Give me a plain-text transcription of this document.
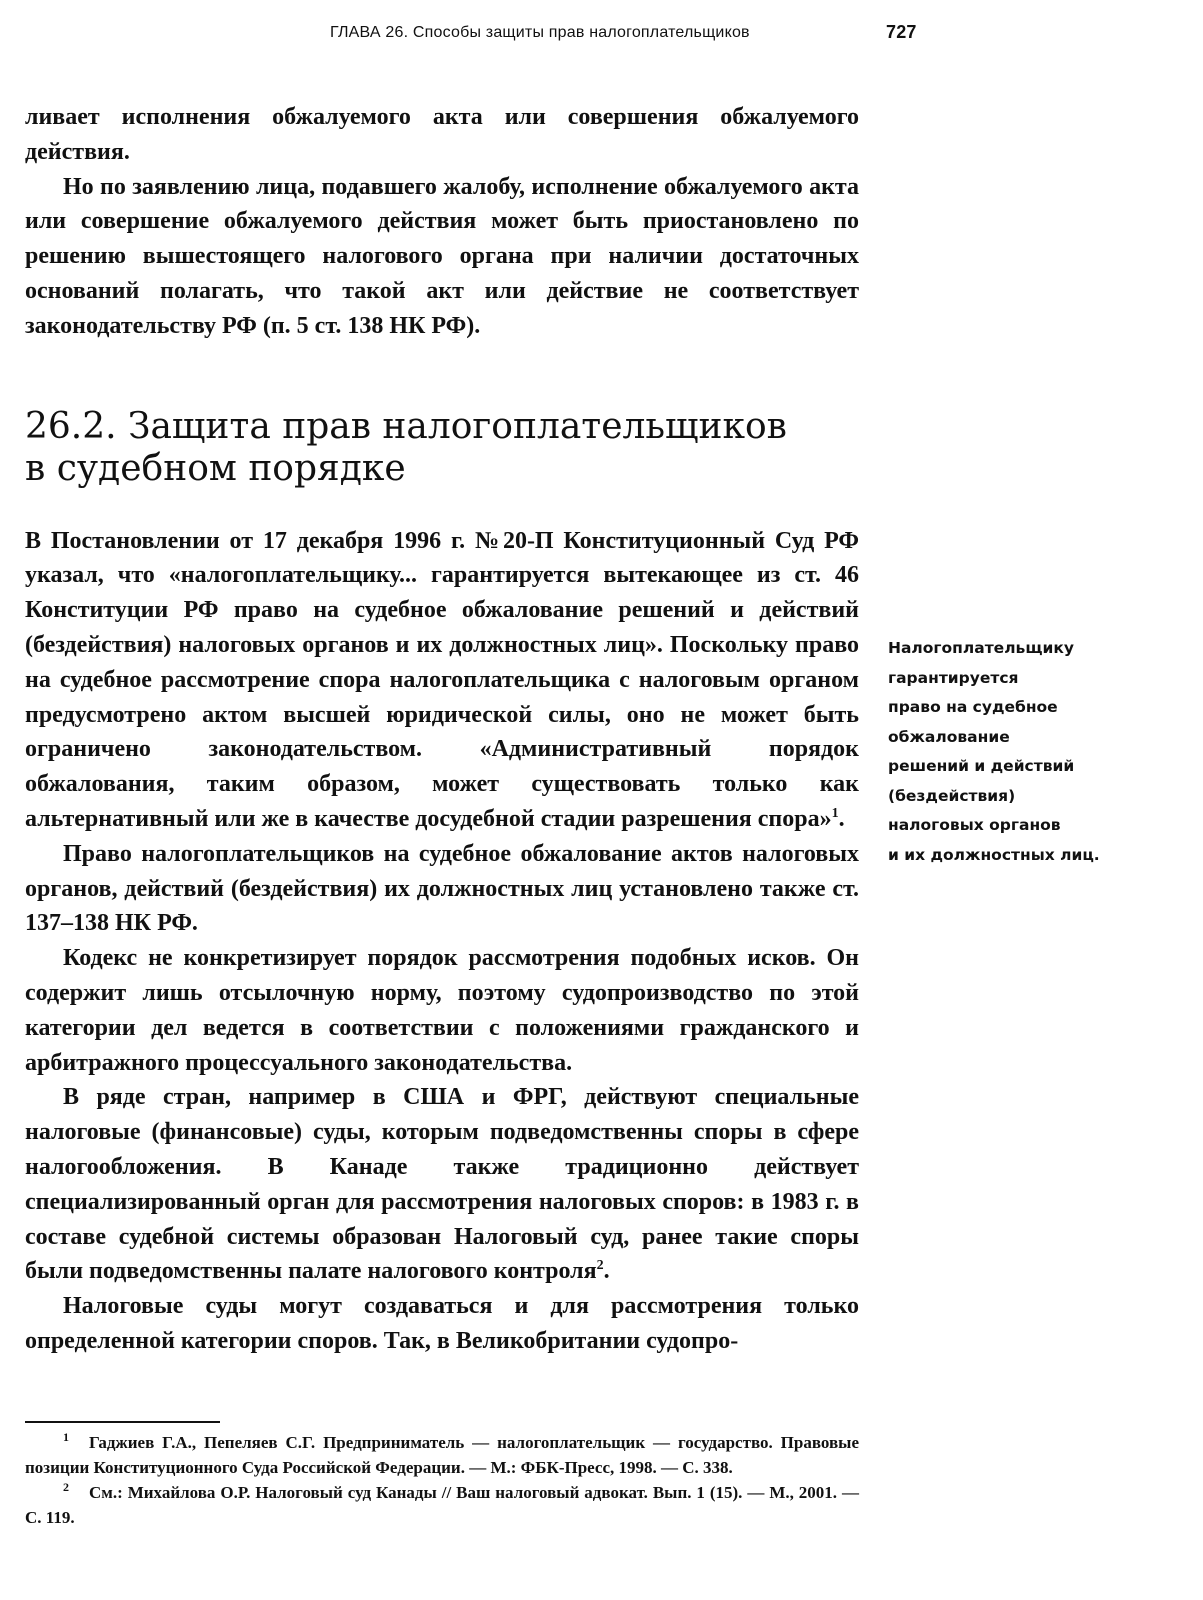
ГЛАВА 26. Способы защиты прав налогоплательщиков	727

ливает исполнения обжалуемого акта или совершения обжалуемого действия.

Но по заявлению лица, подавшего жалобу, исполнение обжалуемого акта или совершение обжалуемого действия может быть приостановлено по решению вышестоящего налогового органа при наличии достаточных оснований полагать, что такой акт или действие не соответствует законодательству РФ (п. 5 ст. 138 НК РФ).

26.2. Защита прав налогоплательщиков в судебном порядке

В Постановлении от 17 декабря 1996 г. №20-П Конституционный Суд РФ указал, что «налогоплательщику... гарантируется вытекающее из ст. 46 Конституции РФ право на судебное обжалование решений и действий (бездействия) налоговых органов и их должностных лиц». Поскольку право на судебное рассмотрение спора налогоплательщика с налоговым органом предусмотрено актом высшей юридической силы, оно не может быть ограничено законодательством. «Административный порядок обжалования, таким образом, может существовать только как альтернативный или же в качестве досудебной стадии разрешения спора»$^1$.

Право налогоплательщиков на судебное обжалование актов налоговых органов, действий (бездействия) их должностных лиц установлено также ст. 137–138 НК РФ.

Кодекс не конкретизирует порядок рассмотрения подобных исков. Он содержит лишь отсылочную норму, поэтому судопроизводство по этой категории дел ведется в соответствии с положениями гражданского и арбитражного процессуального законодательства.

В ряде стран, например в США и ФРГ, действуют специальные налоговые (финансовые) суды, которым подведомственны споры в сфере налогообложения. В Канаде также традиционно действует специализированный орган для рассмотрения налоговых споров: в 1983 г. в составе судебной системы образован Налоговый суд, ранее такие споры были подведомственны палате налогового контроля$^2$.

Налоговые суды могут создаваться и для рассмотрения только определенной категории споров. Так, в Великобритании судопро-

Налогоплательщику
гарантируется
право на судебное
обжалование
решений и действий
(бездействия)
налоговых органов
и их должностных лиц.

$^1$ Гаджиев Г.А., Пепеляев С.Г. Предприниматель — налогоплательщик — государство. Правовые позиции Конституционного Суда Российской Федерации. — М.: ФБК-Пресс, 1998. — С. 338.

$^2$ См.: Михайлова О.Р. Налоговый суд Канады // Ваш налоговый адвокат. Вып. 1 (15). — М., 2001. — С. 119.
